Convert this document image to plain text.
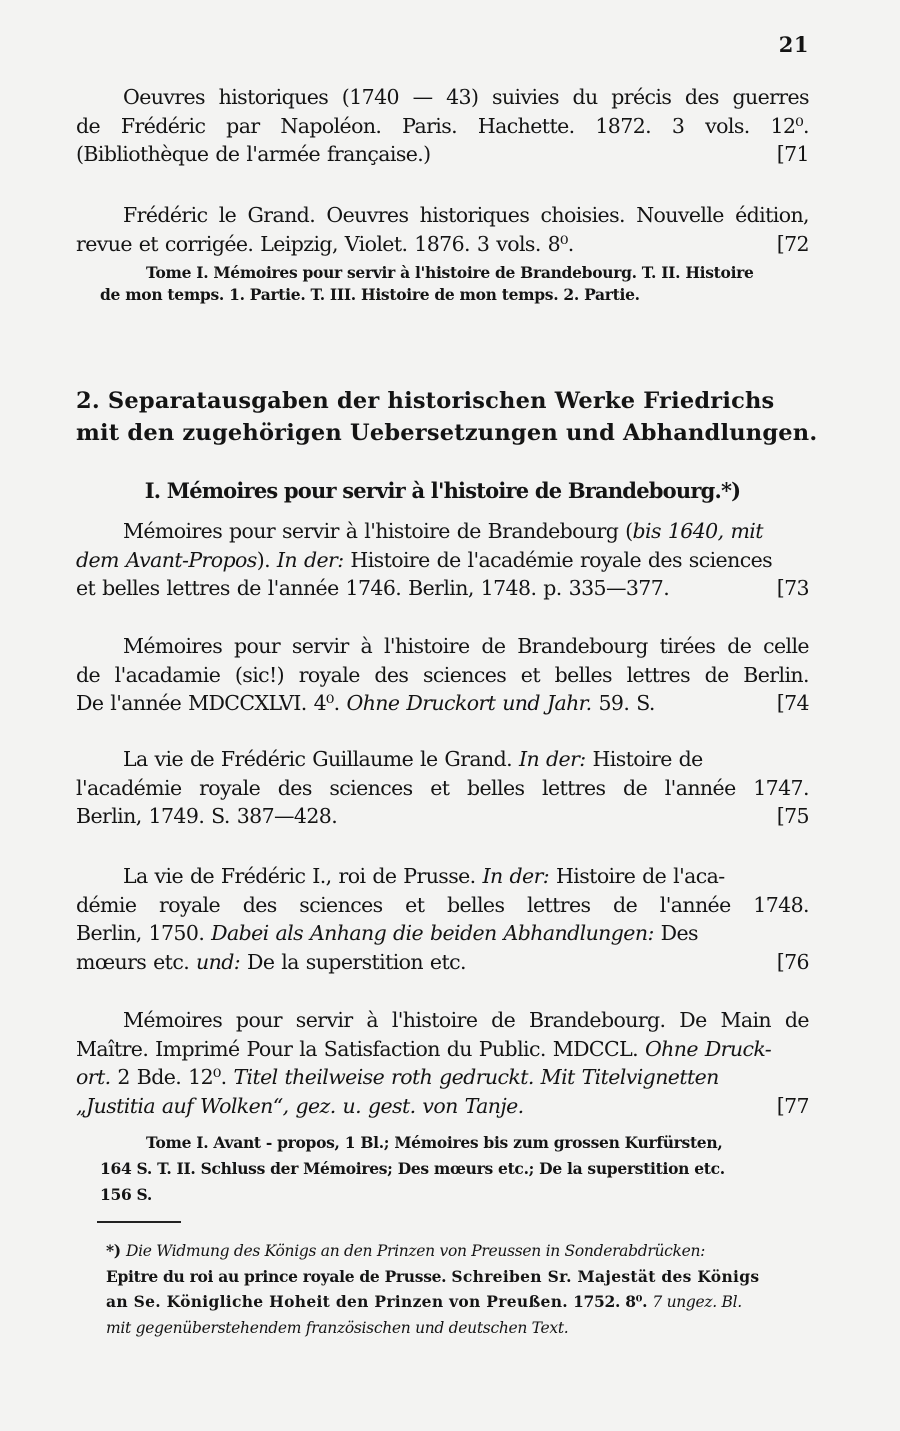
21
Oeuvres historiques (1740 — 43) suivies du précis des guerres
de Frédéric par Napoléon. Paris. Hachette. 1872. 3 vols. 12⁰.
(Bibliothèque de l'armée française.)	[71
Frédéric le Grand. Oeuvres historiques choisies. Nouvelle édition,
revue et corrigée. Leipzig, Violet. 1876. 3 vols. 8⁰.	[72
Tome I. Mémoires pour servir à l'histoire de Brandebourg. T. II. Histoire
de mon temps. 1. Partie. T. III. Histoire de mon temps. 2. Partie.
2. Separatausgaben der historischen Werke Friedrichs
mit den zugehörigen Uebersetzungen und Abhandlungen.
I. Mémoires pour servir à l'histoire de Brandebourg.*)
Mémoires pour servir à l'histoire de Brandebourg (bis 1640, mit
dem Avant-Propos). In der: Histoire de l'académie royale des sciences
et belles lettres de l'année 1746. Berlin, 1748. p. 335—377.	[73
Mémoires pour servir à l'histoire de Brandebourg tirées de celle
de l'acadamie (sic!) royale des sciences et belles lettres de Berlin.
De l'année MDCCXLVI. 4⁰. Ohne Druckort und Jahr. 59. S.	[74
La vie de Frédéric Guillaume le Grand. In der: Histoire de
l'académie royale des sciences et belles lettres de l'année 1747.
Berlin, 1749. S. 387—428.	[75
La vie de Frédéric I., roi de Prusse. In der: Histoire de l'aca-
démie royale des sciences et belles lettres de l'année 1748.
Berlin, 1750. Dabei als Anhang die beiden Abhandlungen: Des
mœurs etc. und: De la superstition etc.	[76
Mémoires pour servir à l'histoire de Brandebourg. De Main de
Maître. Imprimé Pour la Satisfaction du Public. MDCCL. Ohne Druck-
ort. 2 Bde. 12⁰. Titel theilweise roth gedruckt. Mit Titelvignetten
„Justitia auf Wolken“, gez. u. gest. von Tanje.	[77
Tome I. Avant - propos, 1 Bl.; Mémoires bis zum grossen Kurfürsten,
164 S. T. II. Schluss der Mémoires; Des mœurs etc.; De la superstition etc.
156 S.
*) Die Widmung des Königs an den Prinzen von Preussen in Sonderabdrücken:
Epitre du roi au prince royale de Prusse. Schreiben Sr. Majestät des Königs
an Se. Königliche Hoheit den Prinzen von Preußen. 1752. 8⁰. 7 ungez. Bl.
mit gegenüberstehendem französischen und deutschen Text.
